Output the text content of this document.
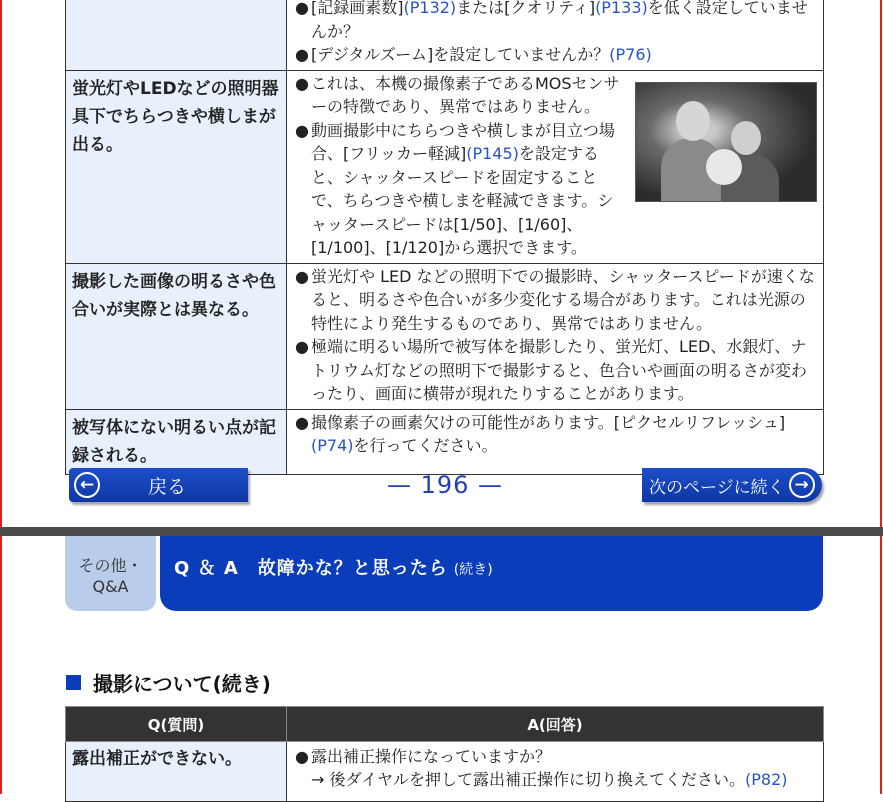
	● [記録画素数](P132)または[クオリティ](P133)を低く設定していませんか？
● [デジタルズーム]を設定していませんか？(P76)

蛍光灯やLEDなどの照明器具下でちらつきや横しまが出る。	● これは、本機の撮像素子であるMOSセンサーの特徴であり、異常ではありません。
● 動画撮影中にちらつきや横しまが目立つ場合、[フリッカー軽減](P145)を設定すると、シャッタースピードを固定することで、ちらつきや横しまを軽減できます。シャッタースピードは[1/50]、[1/60]、[1/100]、[1/120]から選択できます。

撮影した画像の明るさや色合いが実際とは異なる。	● 蛍光灯や LED などの照明下での撮影時、シャッタースピードが速くなると、明るさや色合いが多少変化する場合があります。これは光源の特性により発生するものであり、異常ではありません。
● 極端に明るい場所で被写体を撮影したり、蛍光灯、LED、水銀灯、ナトリウム灯などの照明下で撮影すると、色合いや画面の明るさが変わったり、画面に横帯が現れたりすることがあります。

被写体にない明るい点が記録される。	● 撮像素子の画素欠けの可能性があります。[ピクセルリフレッシュ](P74)を行ってください。
←	戻る	— 196 —	次のページに続く →
その他・
Q&A
Q ＆ A　故障かな？と思ったら (続き)
撮影について(続き)
Q(質問)	A(回答)
露出補正ができない。	● 露出補正操作になっていますか？
→ 後ダイヤルを押して露出補正操作に切り換えてください。(P82)
